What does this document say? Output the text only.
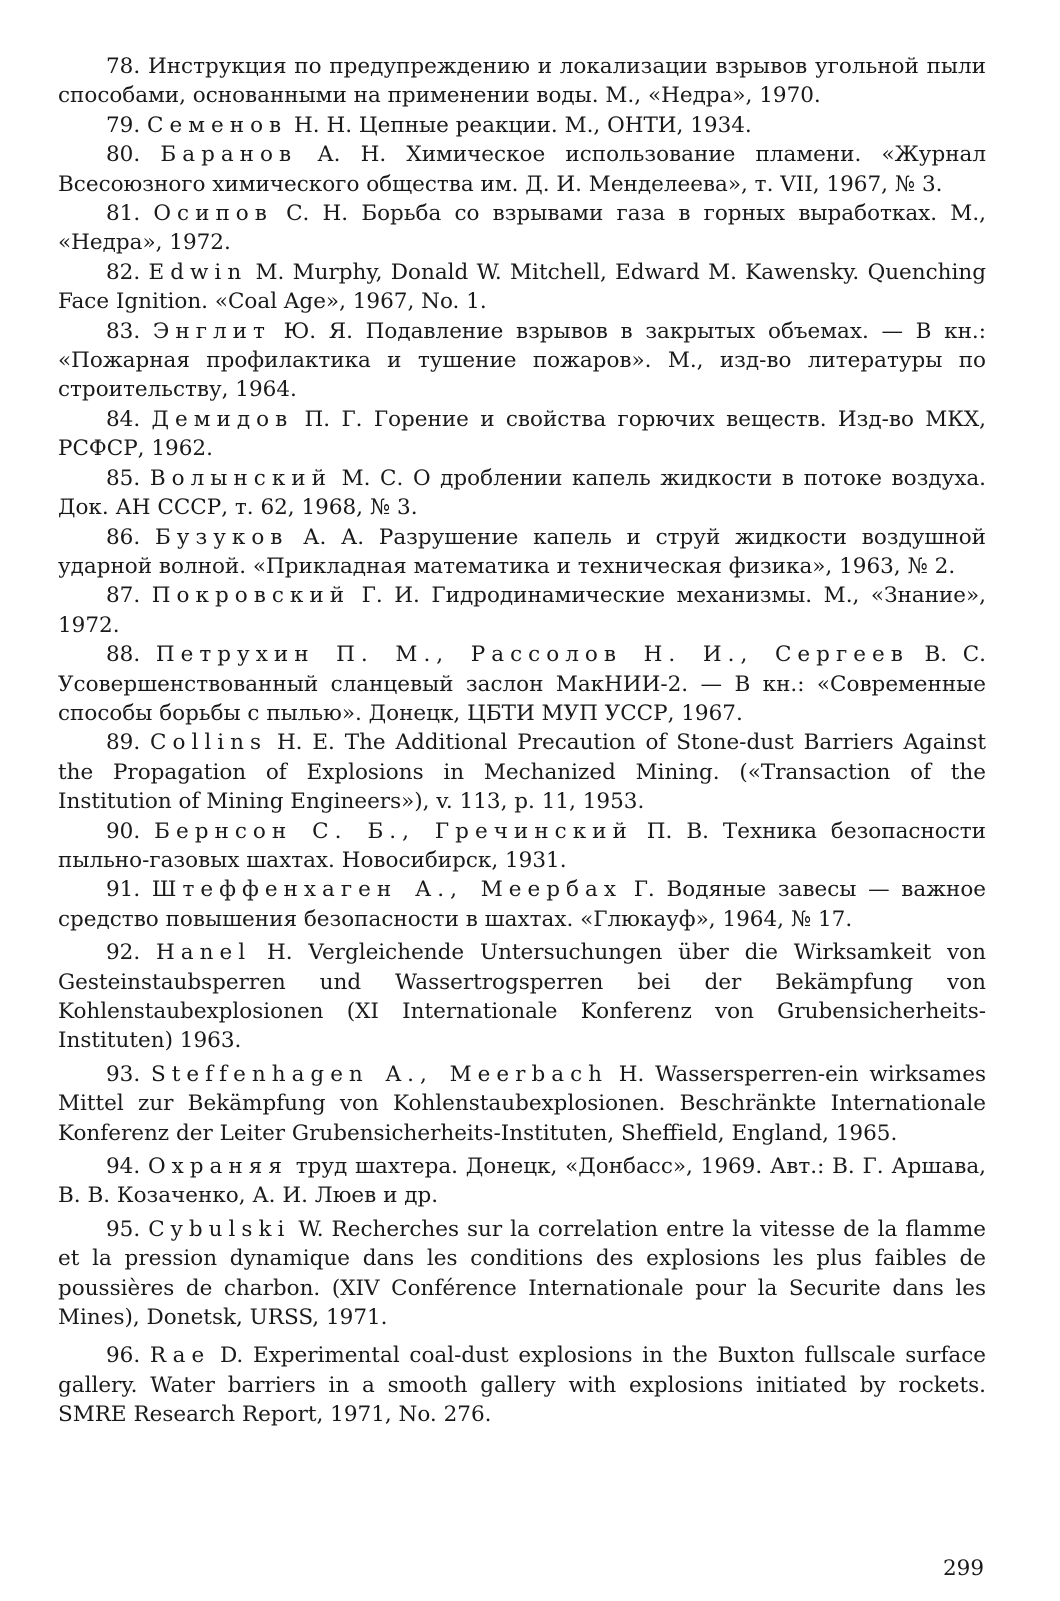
78. Инструкция по предупреждению и локализации взрывов угольной пыли способами, основанными на применении воды. М., «Недра», 1970.

79. Семенов Н. Н. Цепные реакции. М., ОНТИ, 1934.

80. Баранов А. Н. Химическое использование пламени. «Журнал Всесоюзного химического общества им. Д. И. Менделеева», т. VII, 1967, № 3.

81. Осипов С. Н. Борьба со взрывами газа в горных выработках. М., «Недра», 1972.

82. Edwin M. Murphy, Donald W. Mitchell, Edward M. Kawensky. Quenching Face Ignition. «Coal Age», 1967, No. 1.

83. Энглит Ю. Я. Подавление взрывов в закрытых объемах. — В кн.: «Пожарная профилактика и тушение пожаров». М., изд-во литературы по строительству, 1964.

84. Демидов П. Г. Горение и свойства горючих веществ. Изд-во МКХ, РСФСР, 1962.

85. Волынский М. С. О дроблении капель жидкости в потоке воздуха. Док. АН СССР, т. 62, 1968, № 3.

86. Бузуков А. А. Разрушение капель и струй жидкости воздушной ударной волной. «Прикладная математика и техническая физика», 1963, № 2.

87. Покровский Г. И. Гидродинамические механизмы. М., «Знание», 1972.

88. Петрухин П. М., Рассолов Н. И., Сергеев В. С. Усовершенствованный сланцевый заслон МакНИИ-2. — В кн.: «Современные способы борьбы с пылью». Донецк, ЦБТИ МУП УССР, 1967.

89. Collins H. E. The Additional Precaution of Stone-dust Barriers Against the Propagation of Explosions in Mechanized Mining. («Transaction of the Institution of Mining Engineers»), v. 113, p. 11, 1953.

90. Бернсон С. Б., Гречинский П. В. Техника безопасности пыльно-газовых шахтах. Новосибирск, 1931.

91. Штеффенхаген А., Меербах Г. Водяные завесы — важное средство повышения безопасности в шахтах. «Глюкауф», 1964, № 17.

92. Hanel H. Vergleichende Untersuchungen über die Wirksamkeit von Gesteinstaubsperren und Wassertrogsperren bei der Bekämpfung von Kohlenstaubexplosionen (XI Internationale Konferenz von Grubensicherheits-Instituten) 1963.

93. Steffenhagen A., Meerbach H. Wassersperren-ein wirksames Mittel zur Bekämpfung von Kohlenstaubexplosionen. Beschränkte Internationale Konferenz der Leiter Grubensicherheits-Instituten, Sheffield, England, 1965.

94. Охраняя труд шахтера. Донецк, «Донбасс», 1969. Авт.: В. Г. Аршава, В. В. Козаченко, А. И. Люев и др.

95. Cybulski W. Recherches sur la correlation entre la vitesse de la flamme et la pression dynamique dans les conditions des explosions les plus faibles de poussières de charbon. (XIV Conférence Internationale pour la Securite dans les Mines), Donetsk, URSS, 1971.

96. Rae D. Experimental coal-dust explosions in the Buxton fullscale surface gallery. Water barriers in a smooth gallery with explosions initiated by rockets. SMRE Research Report, 1971, No. 276.

299
